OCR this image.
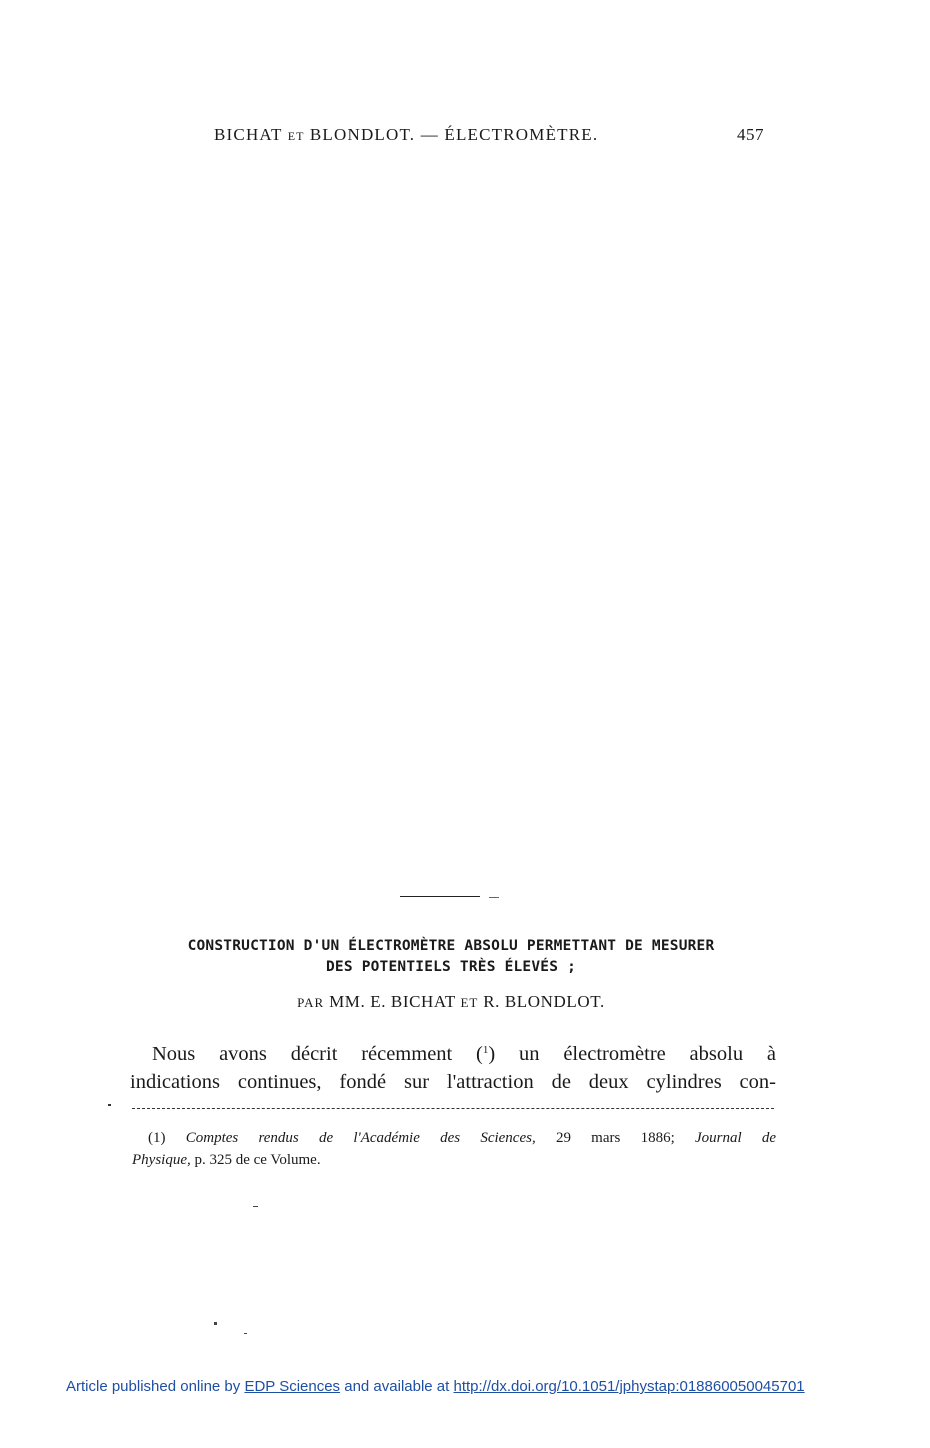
BICHAT ET BLONDLOT. — ÉLECTROMÈTRE.	457
CONSTRUCTION D'UN ÉLECTROMÈTRE ABSOLU PERMETTANT DE MESURER
DES POTENTIELS TRÈS ÉLEVÉS ;
PAR MM. E. BICHAT ET R. BLONDLOT.
Nous avons décrit récemment ($^1$) un électromètre absolu à
indications continues, fondé sur l'attraction de deux cylindres con-
(1) Comptes rendus de l'Académie des Sciences, 29 mars 1886; Journal de
Physique, p. 325 de ce Volume.
Article published online by EDP Sciences and available at http://dx.doi.org/10.1051/jphystap:018860050045701
